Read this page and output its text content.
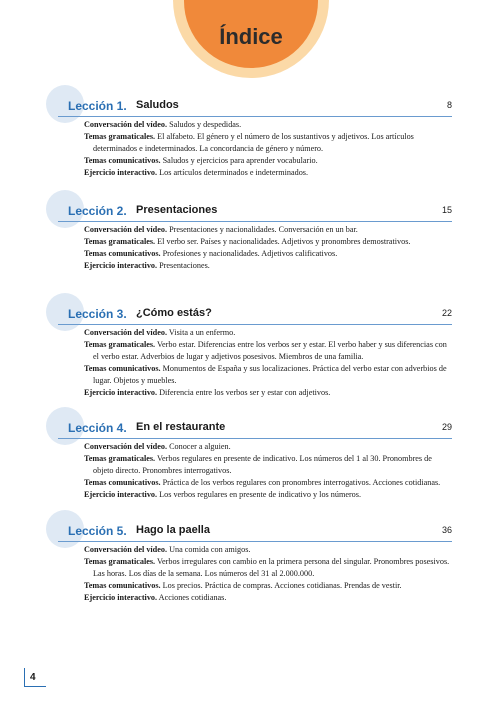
Índice
Lección 1. Saludos	8

Conversación del vídeo. Saludos y despedidas.

Temas gramaticales. El alfabeto. El género y el número de los sustantivos y adjetivos. Los artículos determinados e indeterminados. La concordancia de género y número.

Temas comunicativos. Saludos y ejercicios para aprender vocabulario.

Ejercicio interactivo. Los artículos determinados e indeterminados.

Lección 2. Presentaciones	15

Conversación del vídeo. Presentaciones y nacionalidades. Conversación en un bar.

Temas gramaticales. El verbo ser. Países y nacionalidades. Adjetivos y pronombres demostrativos.

Temas comunicativos. Profesiones y nacionalidades. Adjetivos calificativos.

Ejercicio interactivo. Presentaciones.

Lección 3. ¿Cómo estás?	22

Conversación del vídeo. Visita a un enfermo.

Temas gramaticales. Verbo estar. Diferencias entre los verbos ser y estar. El verbo haber y sus diferencias con el verbo estar. Adverbios de lugar y adjetivos posesivos. Miembros de una familia.

Temas comunicativos. Monumentos de España y sus localizaciones. Práctica del verbo estar con adverbios de lugar. Objetos y muebles.

Ejercicio interactivo. Diferencia entre los verbos ser y estar con adjetivos.

Lección 4. En el restaurante	29

Conversación del vídeo. Conocer a alguien.

Temas gramaticales. Verbos regulares en presente de indicativo. Los números del 1 al 30. Pronombres de objeto directo. Pronombres interrogativos.

Temas comunicativos. Práctica de los verbos regulares con pronombres interrogativos. Acciones cotidianas.

Ejercicio interactivo. Los verbos regulares en presente de indicativo y los números.

Lección 5. Hago la paella	36

Conversación del vídeo. Una comida con amigos.

Temas gramaticales. Verbos irregulares con cambio en la primera persona del singular. Pronombres posesivos. Las horas. Los días de la semana. Los números del 31 al 2.000.000.

Temas comunicativos. Los precios. Práctica de compras. Acciones cotidianas. Prendas de vestir.

Ejercicio interactivo. Acciones cotidianas.

4
